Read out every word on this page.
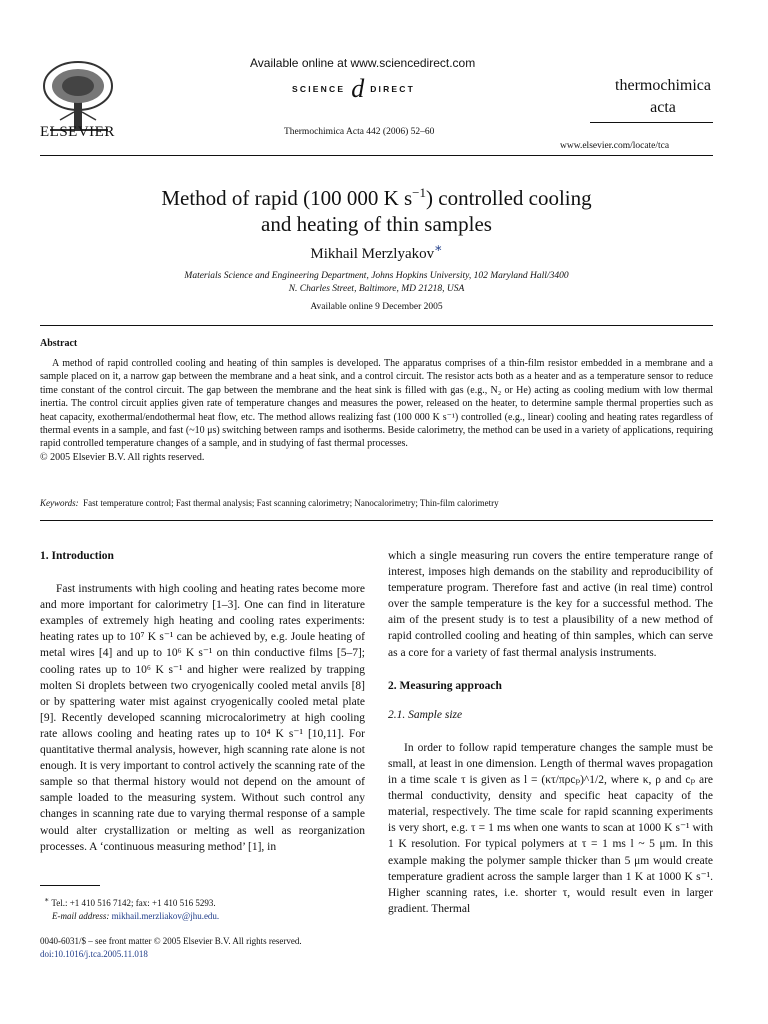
ELSEVIER
Available online at www.sciencedirect.com
SCIENCE d DIRECT
Thermochimica Acta 442 (2006) 52–60
thermochimica
acta
www.elsevier.com/locate/tca
Method of rapid (100 000 K $s^{-1}$) controlled cooling
and heating of thin samples
Mikhail Merzlyakov∗
Materials Science and Engineering Department, Johns Hopkins University, 102 Maryland Hall/3400
N. Charles Street, Baltimore, MD 21218, USA
Available online 9 December 2005
Abstract

A method of rapid controlled cooling and heating of thin samples is developed. The apparatus comprises of a thin-film resistor embedded in a membrane and a sample placed on it, a narrow gap between the membrane and a heat sink, and a control circuit. The resistor acts both as a heater and as a temperature sensor to reduce time constant of the control circuit. The gap between the membrane and the heat sink is filled with gas (e.g., N₂ or He) acting as cooling medium with low thermal inertia. The control circuit applies given rate of temperature changes and measures the power, released on the heater, to determine sample thermal properties such as heat capacity, exothermal/endothermal heat flow, etc. The method allows realizing fast (100 000 K s⁻¹) controlled (e.g., linear) cooling and heating rates regardless of thermal events in a sample, and fast (~10 μs) switching between ramps and isotherms. Beside calorimetry, the method can be used in a variety of applications, requiring rapid controlled temperature changes of a sample, and in studying of fast thermal processes.

© 2005 Elsevier B.V. All rights reserved.

Keywords: Fast temperature control; Fast thermal analysis; Fast scanning calorimetry; Nanocalorimetry; Thin-film calorimetry

1. Introduction

Fast instruments with high cooling and heating rates become more and more important for calorimetry [1–3]. One can find in literature examples of extremely high heating and cooling rates experiments: heating rates up to 10⁷ K s⁻¹ can be achieved by, e.g. Joule heating of metal wires [4] and up to 10⁶ K s⁻¹ on thin conductive films [5–7]; cooling rates up to 10⁶ K s⁻¹ and higher were realized by trapping molten Si droplets between two cryogenically cooled metal anvils [8] or by spattering water mist against cryogenically cooled metal plate [9]. Recently developed scanning microcalorimetry at high cooling rate allows cooling and heating rates up to 10⁴ K s⁻¹ [10,11]. For quantitative thermal analysis, however, high scanning rate alone is not enough. It is very important to control actively the scanning rate of the sample so that thermal history would not depend on the amount of sample loaded to the measuring system. Without such control any changes in scanning rate due to varying thermal response of a sample would alter crystallization or melting as well as reorganization processes. A ‘continuous measuring method’ [1], in

which a single measuring run covers the entire temperature range of interest, imposes high demands on the stability and reproducibility of temperature program. Therefore fast and active (in real time) control over the sample temperature is the key for a successful method. The aim of the present study is to test a plausibility of a new method of rapid controlled cooling and heating of thin samples, which can serve as a core for a variety of fast thermal analysis instruments.

2. Measuring approach

2.1. Sample size

In order to follow rapid temperature changes the sample must be small, at least in one dimension. Length of thermal waves propagation in a time scale τ is given as l = (κτ/πρcₚ)^1/2, where κ, ρ and cₚ are thermal conductivity, density and specific heat capacity of the material, respectively. The time scale for rapid scanning experiments is very short, e.g. τ = 1 ms when one wants to scan at 1000 K s⁻¹ with 1 K resolution. For typical polymers at τ = 1 ms l ~ 5 μm. In this example making the polymer sample thicker than 5 μm would create temperature gradient across the sample larger than 1 K at 1000 K s⁻¹. Higher scanning rates, i.e. shorter τ, would result even in larger gradient. Thermal

∗ Tel.: +1 410 516 7142; fax: +1 410 516 5293.
E-mail address: mikhail.merzliakov@jhu.edu.
0040-6031/$ – see front matter © 2005 Elsevier B.V. All rights reserved.
doi:10.1016/j.tca.2005.11.018
